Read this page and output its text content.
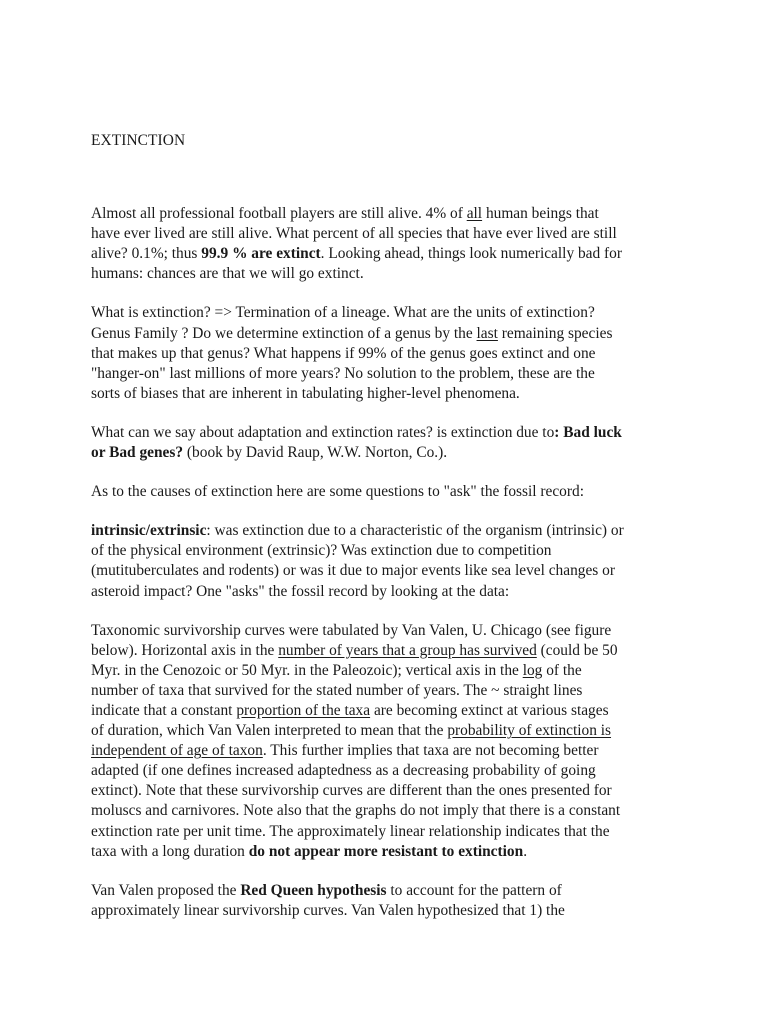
EXTINCTION

Almost all professional football players are still alive. 4% of all human beings that
have ever lived are still alive. What percent of all species that have ever lived are still
alive? 0.1%; thus 99.9 % are extinct. Looking ahead, things look numerically bad for
humans: chances are that we will go extinct.

What is extinction? => Termination of a lineage. What are the units of extinction?
Genus Family ? Do we determine extinction of a genus by the last remaining species
that makes up that genus? What happens if 99% of the genus goes extinct and one
"hanger-on" last millions of more years? No solution to the problem, these are the
sorts of biases that are inherent in tabulating higher-level phenomena.

What can we say about adaptation and extinction rates? is extinction due to: Bad luck
or Bad genes? (book by David Raup, W.W. Norton, Co.).

As to the causes of extinction here are some questions to "ask" the fossil record:

intrinsic/extrinsic: was extinction due to a characteristic of the organism (intrinsic) or
of the physical environment (extrinsic)? Was extinction due to competition
(mutituberculates and rodents) or was it due to major events like sea level changes or
asteroid impact? One "asks" the fossil record by looking at the data:

Taxonomic survivorship curves were tabulated by Van Valen, U. Chicago (see figure
below). Horizontal axis in the number of years that a group has survived (could be 50
Myr. in the Cenozoic or 50 Myr. in the Paleozoic); vertical axis in the log of the
number of taxa that survived for the stated number of years. The ~ straight lines
indicate that a constant proportion of the taxa are becoming extinct at various stages
of duration, which Van Valen interpreted to mean that the probability of extinction is
independent of age of taxon. This further implies that taxa are not becoming better
adapted (if one defines increased adaptedness as a decreasing probability of going
extinct). Note that these survivorship curves are different than the ones presented for
moluscs and carnivores. Note also that the graphs do not imply that there is a constant
extinction rate per unit time. The approximately linear relationship indicates that the
taxa with a long duration do not appear more resistant to extinction.

Van Valen proposed the Red Queen hypothesis to account for the pattern of
approximately linear survivorship curves. Van Valen hypothesized that 1) the
